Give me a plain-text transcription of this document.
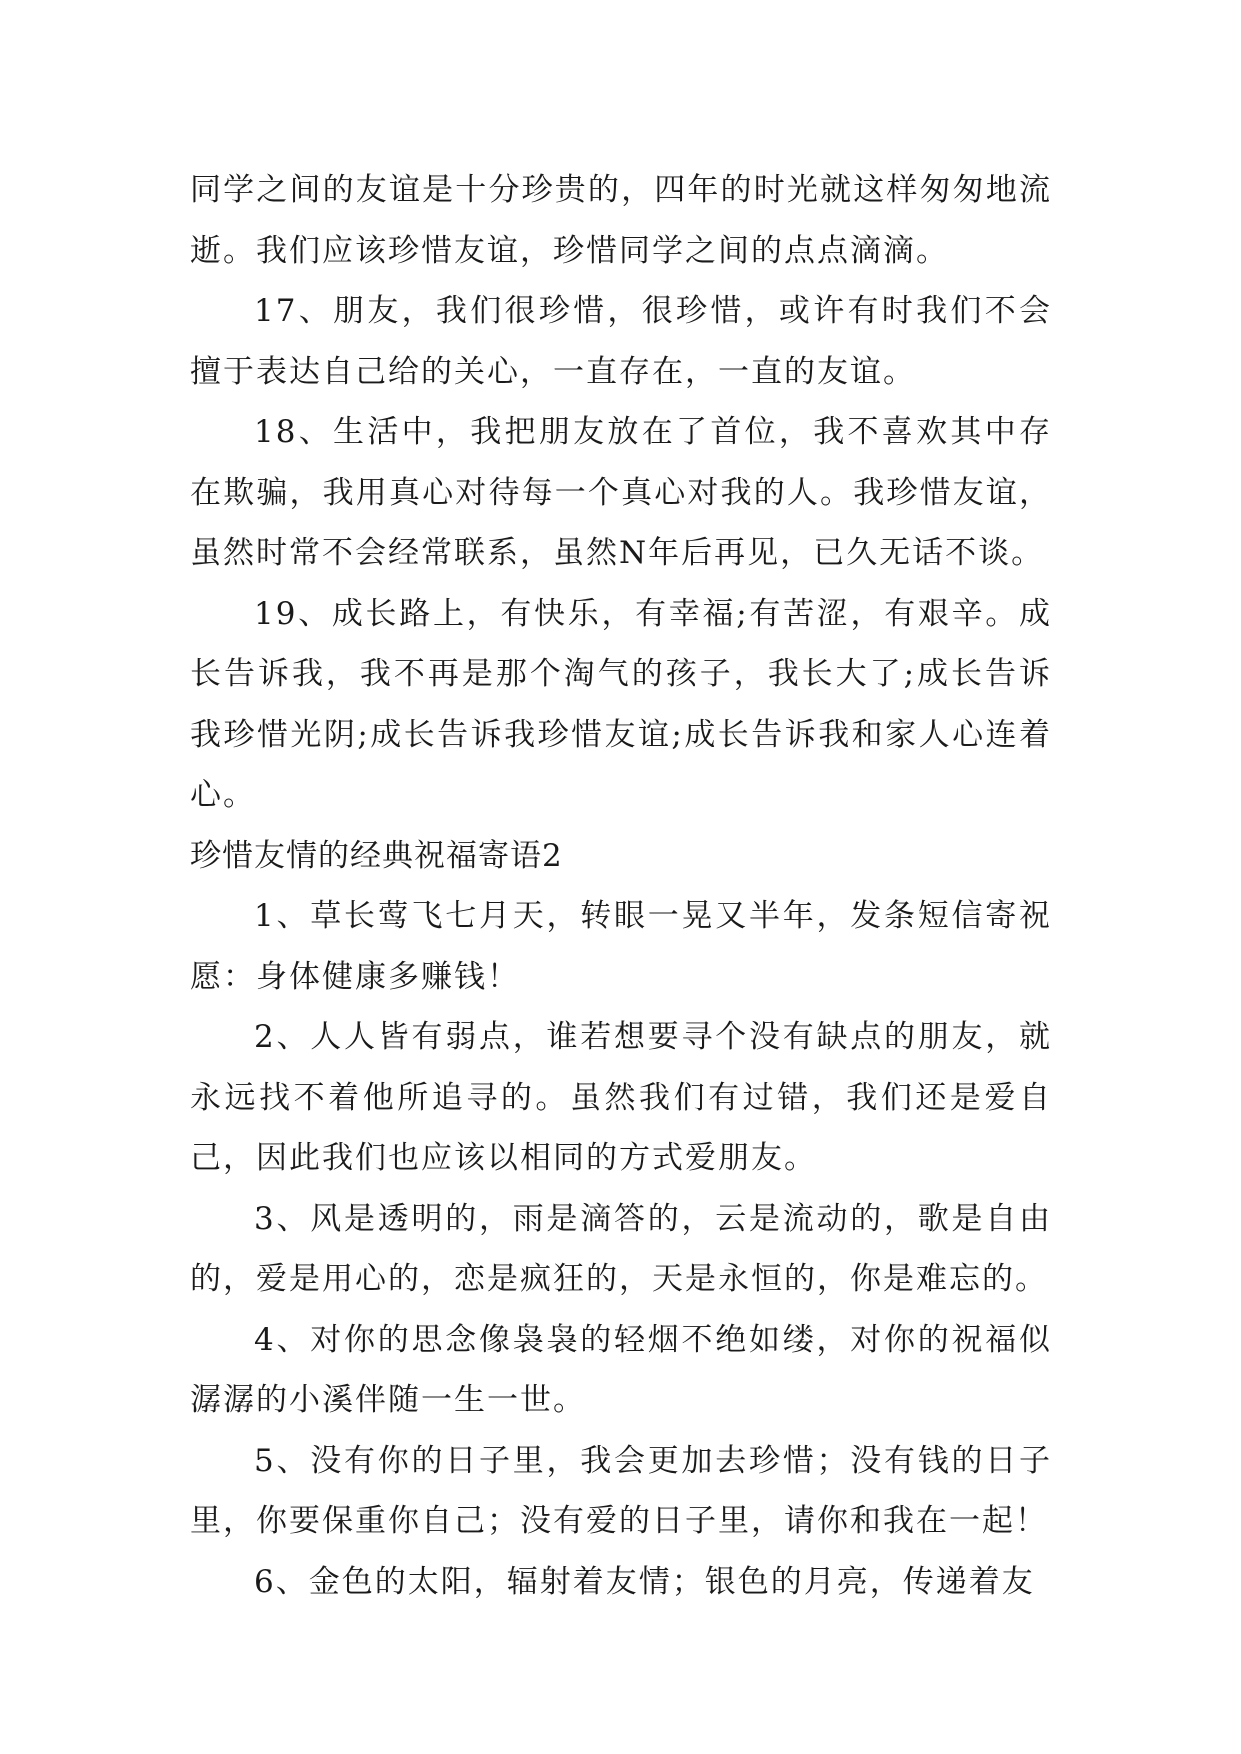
同学之间的友谊是十分珍贵的，四年的时光就这样匆匆地流逝。我们应该珍惜友谊，珍惜同学之间的点点滴滴。

17、朋友，我们很珍惜，很珍惜，或许有时我们不会擅于表达自己给的关心，一直存在，一直的友谊。

18、生活中，我把朋友放在了首位，我不喜欢其中存在欺骗，我用真心对待每一个真心对我的人。我珍惜友谊，虽然时常不会经常联系，虽然N年后再见，已久无话不谈。

19、成长路上，有快乐，有幸福;有苦涩，有艰辛。成长告诉我，我不再是那个淘气的孩子，我长大了;成长告诉我珍惜光阴;成长告诉我珍惜友谊;成长告诉我和家人心连着心。

珍惜友情的经典祝福寄语2

1、草长莺飞七月天，转眼一晃又半年，发条短信寄祝愿：身体健康多赚钱！

2、人人皆有弱点，谁若想要寻个没有缺点的朋友，就永远找不着他所追寻的。虽然我们有过错，我们还是爱自己，因此我们也应该以相同的方式爱朋友。

3、风是透明的，雨是滴答的，云是流动的，歌是自由的，爱是用心的，恋是疯狂的，天是永恒的，你是难忘的。

4、对你的思念像袅袅的轻烟不绝如缕，对你的祝福似潺潺的小溪伴随一生一世。

5、没有你的日子里，我会更加去珍惜；没有钱的日子里，你要保重你自己；没有爱的日子里，请你和我在一起！

6、金色的太阳，辐射着友情；银色的月亮，传递着友
